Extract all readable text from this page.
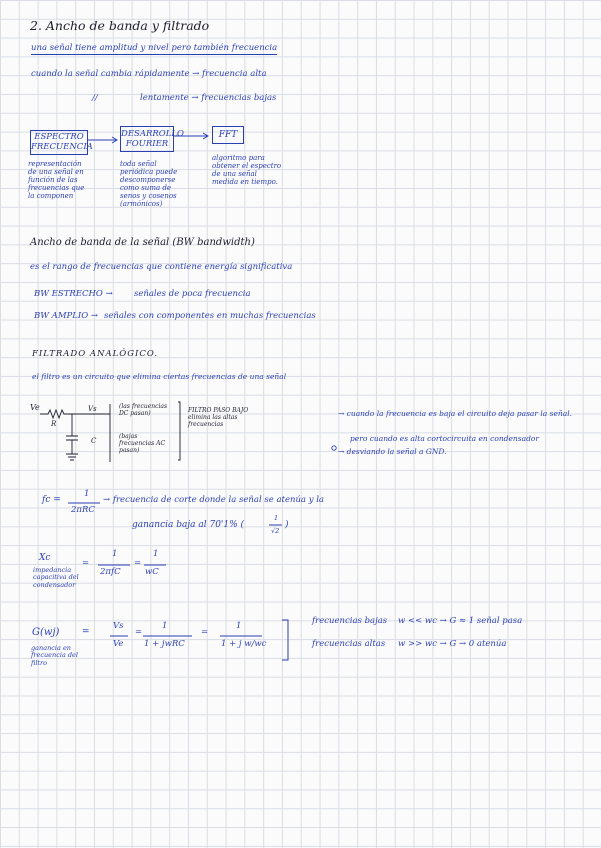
2. Ancho de banda y filtrado
una señal tiene amplitud y nivel pero también frecuencia
cuando la señal cambia rápidamente → frecuencia alta
//	lentamente → frecuencias bajas
ESPECTRO
FRECUENCIA
DESARROLLO
FOURIER
FFT
representación de una señal en función de las frecuencias que la componen
toda señal periódica puede descomponerse como suma de senos y cosenos (armónicos)
algoritmo para obtener el espectro de una señal medida en tiempo.
Ancho de banda de la señal (BW bandwidth)
es el rango de frecuencias que contiene energía significativa
BW ESTRECHO →	señales de poca frecuencia
BW AMPLIO → señales con componentes en muchas frecuencias
FILTRADO ANALÓGICO.
el filtro es un circuito que elimina ciertas frecuencias de una señal
Ve	Vs
R
C
(las frecuencias DC pasan)
(bajas frecuencias AC pasan)
FILTRO PASO BAJO elimina las altas frecuencias
→ cuando la frecuencia es baja el circuito deja pasar la señal.
pero cuando es alta cortocircuita en condensador
→ desviando la señal a GND.
fc =
1
2πRC
→ frecuencia de corte donde la señal se atenúa y la
ganancia baja al 70'1% (
1
√2
)
Xc
impedancia capacitiva del condensador
=
1
2πfC
=
1
wC
G(wj)
ganancia en frecuencia del filtro
=
Vs
Ve
=
1
1 + jwRC
=
1
1 + j w/wc
frecuencias bajas w << wc → G ≈ 1 señal pasa
frecuencias altas w >> wc → G → 0 atenúa
